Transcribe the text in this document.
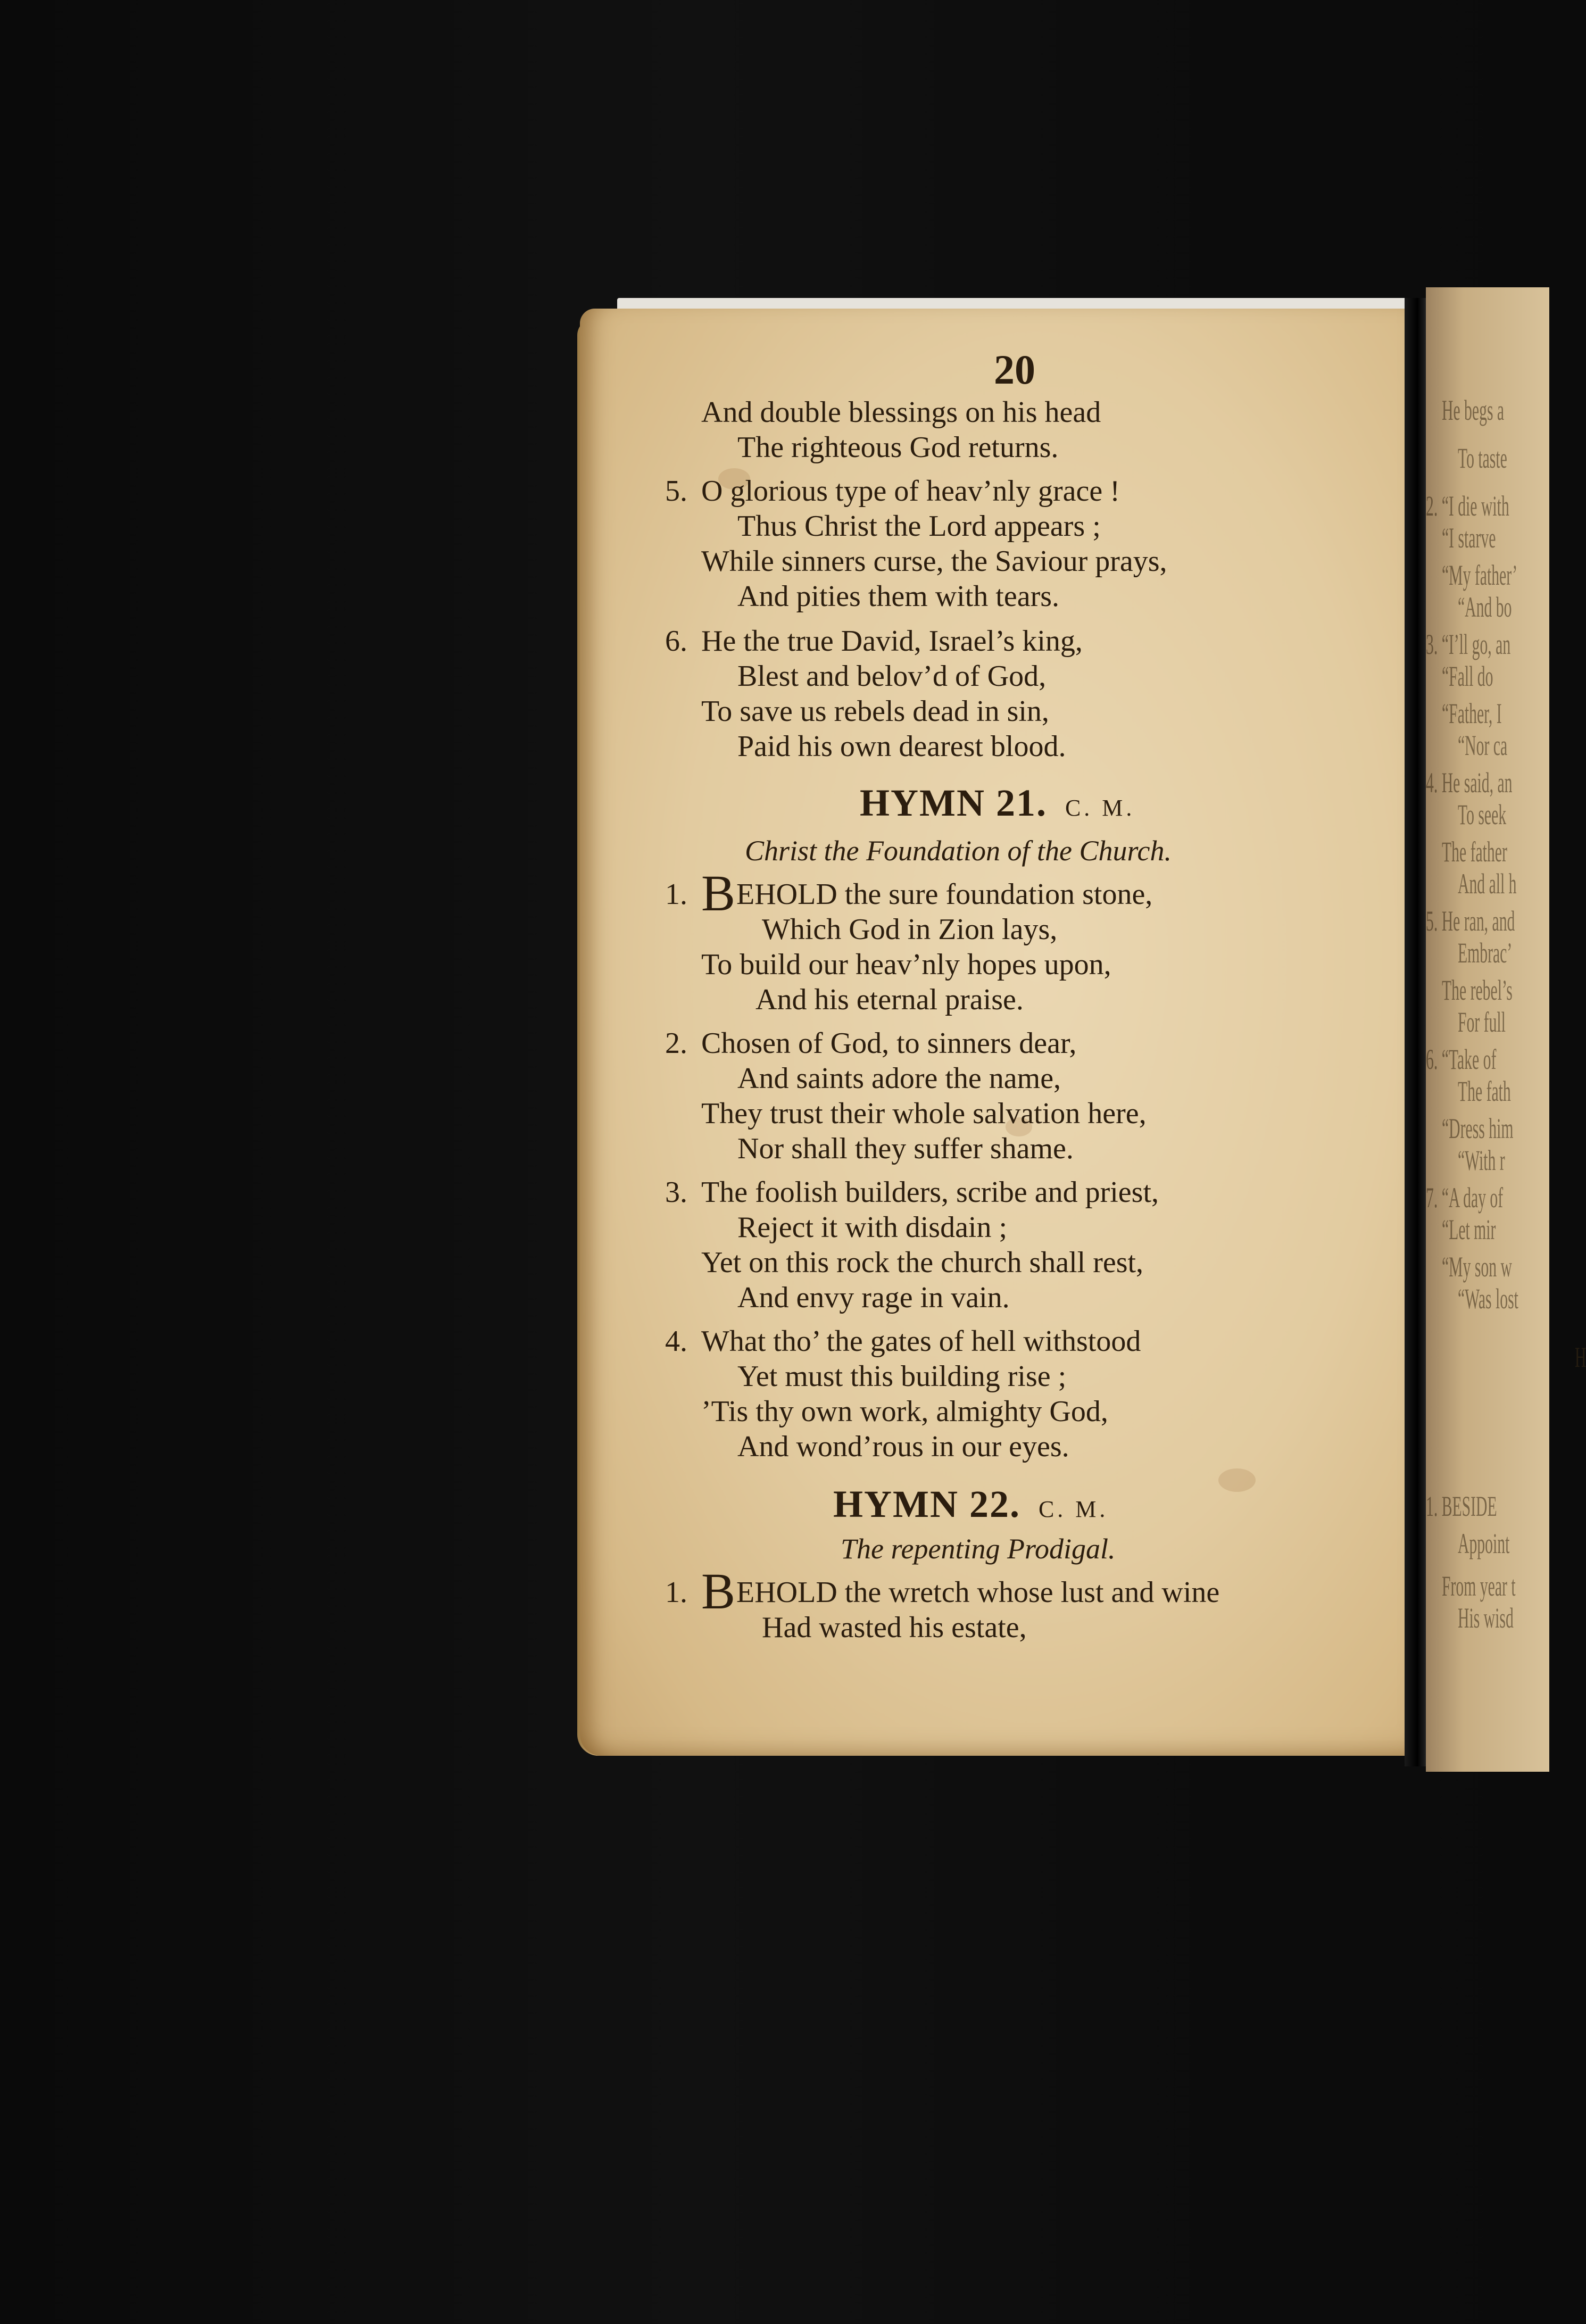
He begs a
To taste
2. “I die with
“I starve
“My father’
“And bo
3. “I’ll go, an
“Fall do
“Father, I
“Nor ca
4. He said, an
To seek
The father
And all h
5. He ran, and
Embrac’
The rebel’s
For full
6. “Take of
The fath
“Dress him
“With r
7. “A day of
“Let mir
“My son w
“Was lost
H
1. BESIDE
Appoint
From year t
His wisd
20
And double blessings on his head
The righteous God returns.
5. O glorious type of heav’nly grace !
Thus Christ the Lord appears ;
While sinners curse, the Saviour prays,
And pities them with tears.
6. He the true David, Israel’s king,
Blest and belov’d of God,
To save us rebels dead in sin,
Paid his own dearest blood.
HYMN 21. C. M.
Christ the Foundation of the Church.
1. BEHOLD the sure foundation stone,
Which God in Zion lays,
To build our heav’nly hopes upon,
And his eternal praise.
2. Chosen of God, to sinners dear,
And saints adore the name,
They trust their whole salvation here,
Nor shall they suffer shame.
3. The foolish builders, scribe and priest,
Reject it with disdain ;
Yet on this rock the church shall rest,
And envy rage in vain.
4. What tho’ the gates of hell withstood
Yet must this building rise ;
’Tis thy own work, almighty God,
And wond’rous in our eyes.
HYMN 22. C. M.
The repenting Prodigal.
1. BEHOLD the wretch whose lust and wine
Had wasted his estate,
